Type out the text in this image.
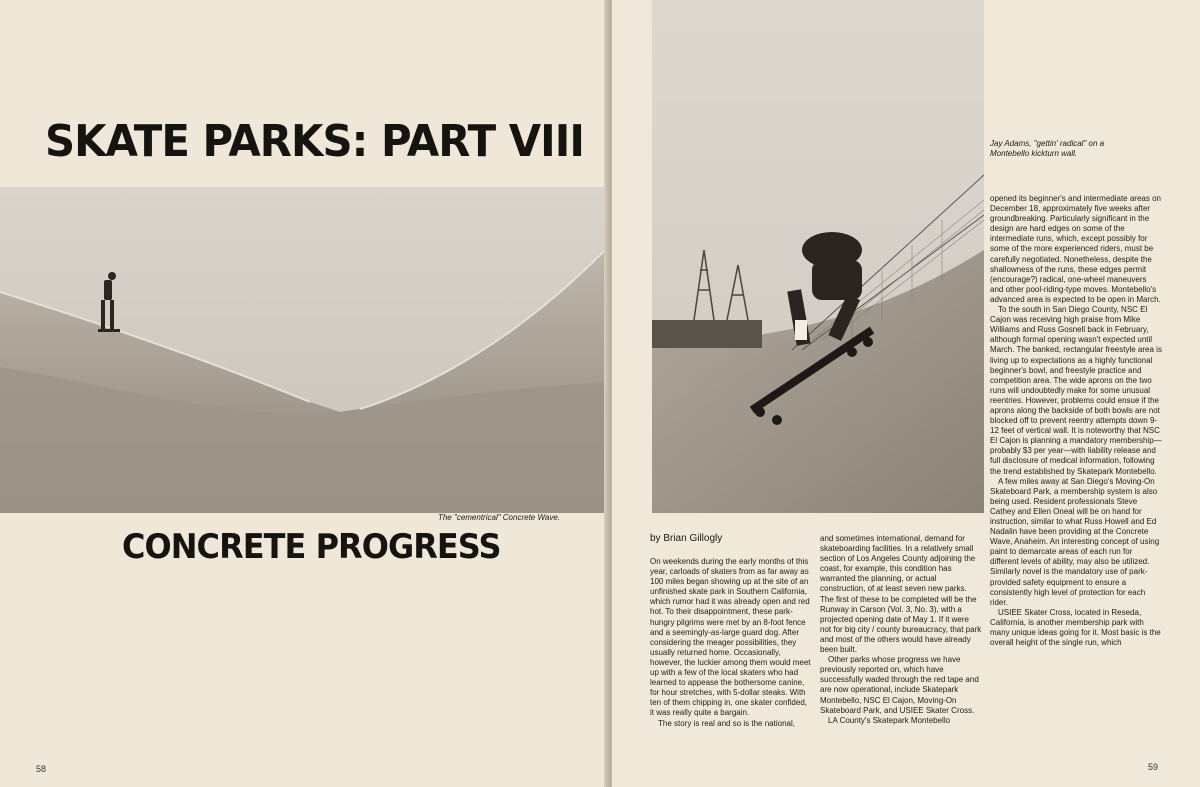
SKATE PARKS: PART VIII
The "cementrical" Concrete Wave.
CONCRETE PROGRESS
58	59
Jay Adams, "gettin' radical" on a Montebello kickturn wall.
by Brian Gillogly

On weekends during the early months of this year, carloads of skaters from as far away as 100 miles began showing up at the site of an unfinished skate park in Southern California, which rumor had it was already open and red hot. To their disappointment, these park-hungry pilgrims were met by an 8-foot fence and a seemingly-as-large guard dog. After considering the meager possibilities, they usually returned home. Occasionally, however, the luckier among them would meet up with a few of the local skaters who had learned to appease the bothersome canine, for hour stretches, with 5-dollar steaks. With ten of them chipping in, one skater confided, it was really quite a bargain.

The story is real and so is the national,

and sometimes international, demand for skateboarding facilities. In a relatively small section of Los Angeles County adjoining the coast, for example, this condition has warranted the planning, or actual construction, of at least seven new parks. The first of these to be completed will be the Runway in Carson (Vol. 3, No. 3), with a projected opening date of May 1. If it were not for big city / county bureaucracy, that park and most of the others would have already been built.

Other parks whose progress we have previously reported on, which have successfully waded through the red tape and are now operational, include Skatepark Montebello, NSC El Cajon, Moving-On Skateboard Park, and USIEE Skater Cross.

LA County's Skatepark Montebello

opened its beginner's and intermediate areas on December 18, approximately five weeks after groundbreaking. Particularly significant in the design are hard edges on some of the intermediate runs, which, except possibly for some of the more experienced riders, must be carefully negotiated. Nonetheless, despite the shallowness of the runs, these edges permit (encourage?) radical, one-wheel maneuvers and other pool-riding-type moves. Montebello's advanced area is expected to be open in March.

To the south in San Diego County, NSC El Cajon was receiving high praise from Mike Williams and Russ Gosnell back in February, although formal opening wasn't expected until March. The banked, rectangular freestyle area is living up to expectations as a highly functional beginner's bowl, and freestyle practice and competition area. The wide aprons on the two runs will undoubtedly make for some unusual reentries. However, problems could ensue if the aprons along the backside of both bowls are not blocked off to prevent reentry attempts down 9-12 feet of vertical wall. It is noteworthy that NSC El Cajon is planning a mandatory membership—probably $3 per year—with liability release and full disclosure of medical information, following the trend established by Skatepark Montebello.

A few miles away at San Diego's Moving-On Skateboard Park, a membership system is also being used. Resident professionals Steve Cathey and Ellen Oneal will be on hand for instruction, similar to what Russ Howell and Ed Nadalin have been providing at the Concrete Wave, Anaheim. An interesting concept of using paint to demarcate areas of each run for different levels of ability, may also be utilized. Similarly novel is the mandatory use of park-provided safety equipment to ensure a consistently high level of protection for each rider.

USIEE Skater Cross, located in Reseda, California, is another membership park with many unique ideas going for it. Most basic is the overall height of the single run, which
